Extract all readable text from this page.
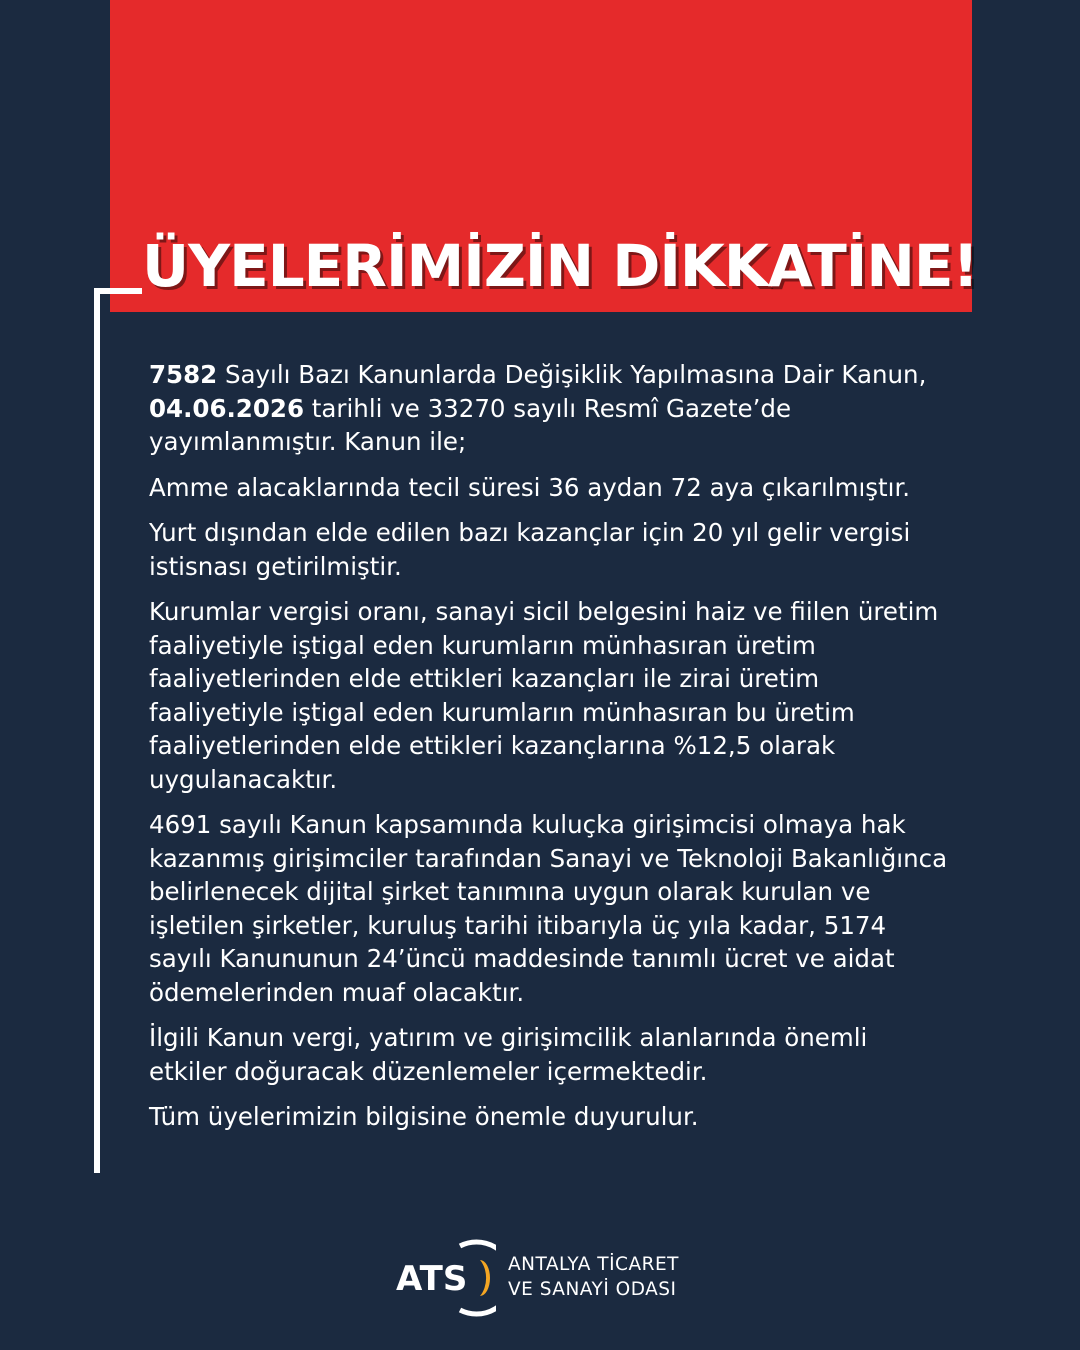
ÜYELERİMİZİN DİKKATİNE!

7582 Sayılı Bazı Kanunlarda Değişiklik Yapılmasına Dair Kanun, 04.06.2026 tarihli ve 33270 sayılı Resmî Gazete’de yayımlanmıştır. Kanun ile;

Amme alacaklarında tecil süresi 36 aydan 72 aya çıkarılmıştır.

Yurt dışından elde edilen bazı kazançlar için 20 yıl gelir vergisi istisnası getirilmiştir.

Kurumlar vergisi oranı, sanayi sicil belgesini haiz ve fiilen üretim faaliyetiyle iştigal eden kurumların münhasıran üretim faaliyetlerinden elde ettikleri kazançları ile zirai üretim faaliyetiyle iştigal eden kurumların münhasıran bu üretim faaliyetlerinden elde ettikleri kazançlarına %12,5 olarak uygulanacaktır.

4691 sayılı Kanun kapsamında kuluçka girişimcisi olmaya hak kazanmış girişimciler tarafından Sanayi ve Teknoloji Bakanlığınca belirlenecek dijital şirket tanımına uygun olarak kurulan ve işletilen şirketler, kuruluş tarihi itibarıyla üç yıla kadar, 5174 sayılı Kanununun 24’üncü maddesinde tanımlı ücret ve aidat ödemelerinden muaf olacaktır.

İlgili Kanun vergi, yatırım ve girişimcilik alanlarında önemli etkiler doğuracak düzenlemeler içermektedir.

Tüm üyelerimizin bilgisine önemle duyurulur.

ATS ANTALYA TİCARET
VE SANAYİ ODASI
